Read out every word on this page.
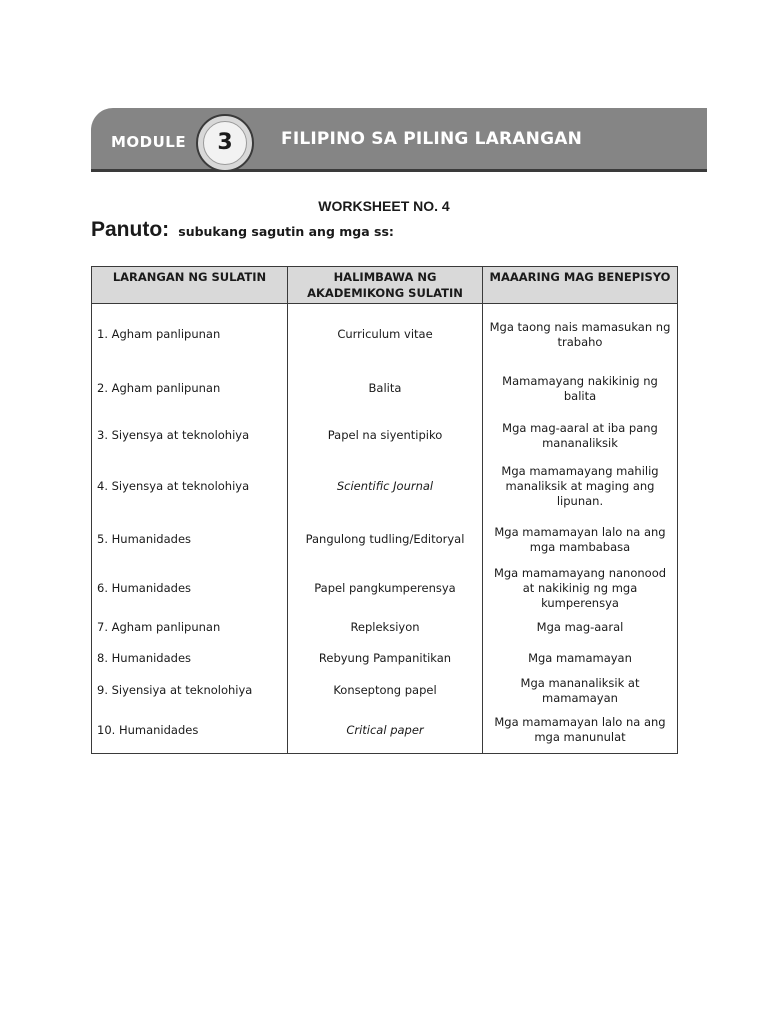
MODULE	3	FILIPINO SA PILING LARANGAN
WORKSHEET NO. 4
Panuto: subukang sagutin ang mga ss:
LARANGAN NG SULATIN	HALIMBAWA NG AKADEMIKONG SULATIN	MAAARING MAG BENEPISYO
1. Agham panlipunan	Curriculum vitae	Mga taong nais mamasukan ng trabaho
2. Agham panlipunan	Balita	Mamamayang nakikinig ng balita
3. Siyensya at teknolohiya	Papel na siyentipiko	Mga mag-aaral at iba pang mananaliksik
4. Siyensya at teknolohiya	Scientific Journal	Mga mamamayang mahilig manaliksik at maging ang lipunan.
5. Humanidades	Pangulong tudling/Editoryal	Mga mamamayan lalo na ang mga mambabasa
6. Humanidades	Papel pangkumperensya	Mga mamamayang nanonood at nakikinig ng mga kumperensya
7. Agham panlipunan	Repleksiyon	Mga mag-aaral
8. Humanidades	Rebyung Pampanitikan	Mga mamamayan
9. Siyensiya at teknolohiya	Konseptong papel	Mga mananaliksik at mamamayan
10. Humanidades	Critical paper	Mga mamamayan lalo na ang mga manunulat
